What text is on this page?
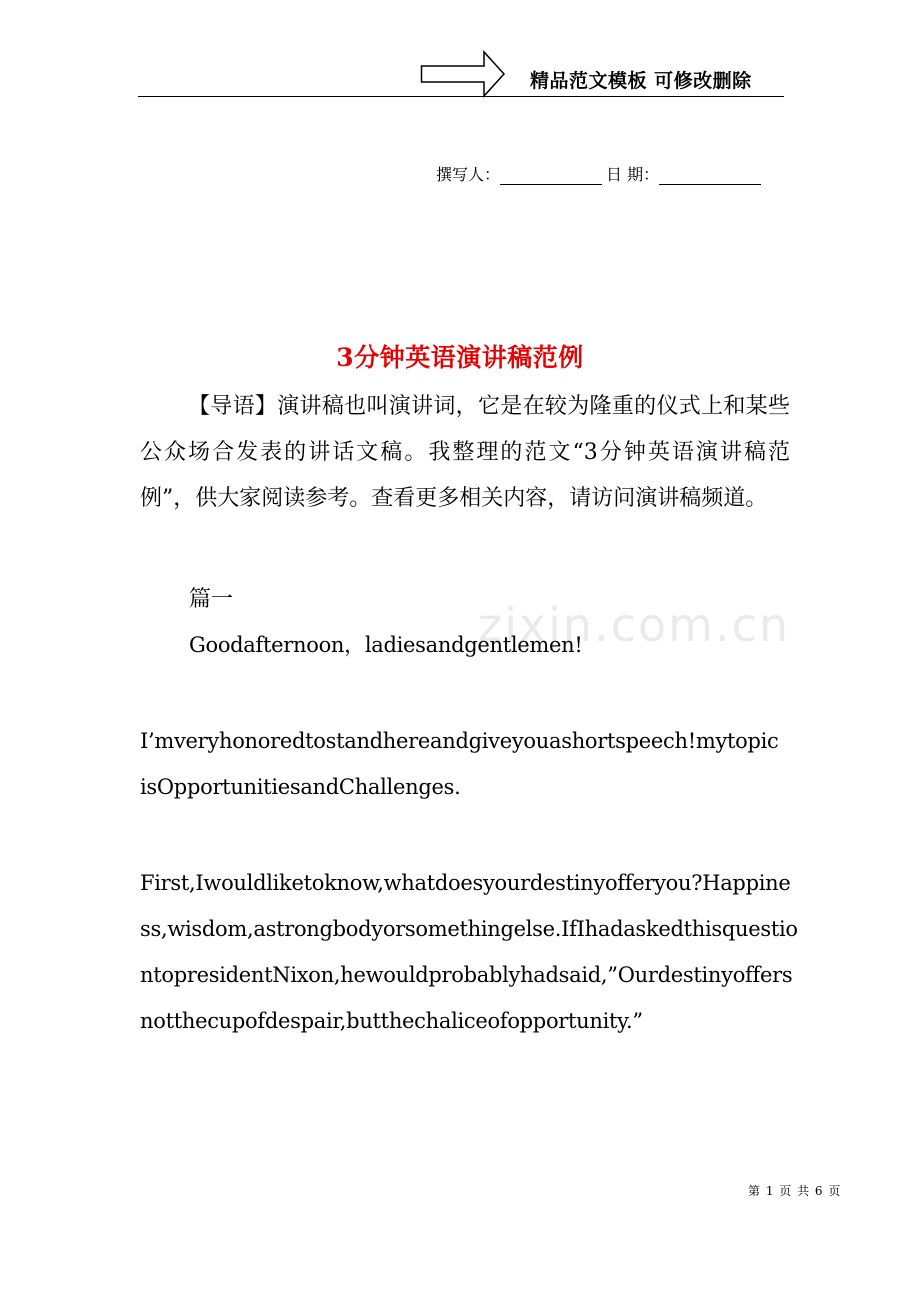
精品范文模板 可修改删除
撰写人：	日 期：
3分钟英语演讲稿范例

【导语】演讲稿也叫演讲词，它是在较为隆重的仪式上和某些公众场合发表的讲话文稿。我整理的范文“3分钟英语演讲稿范例”，供大家阅读参考。查看更多相关内容，请访问演讲稿频道。

篇一	zixin.com.cn

Goodafternoon，ladiesandgentlemen!

I’mveryhonoredtostandhereandgiveyouashortspeech!mytopicisOpportunitiesandChallenges.

First,Iwouldliketoknow,whatdoesyourdestinyofferyou?Happiness,wisdom,astrongbodyorsomethingelse.IfIhadaskedthisquestiontopresidentNixon,hewouldprobablyhadsaid,”Ourdestinyoffersnotthecupofdespair,butthechaliceofopportunity.”

第 1 页 共 6 页
